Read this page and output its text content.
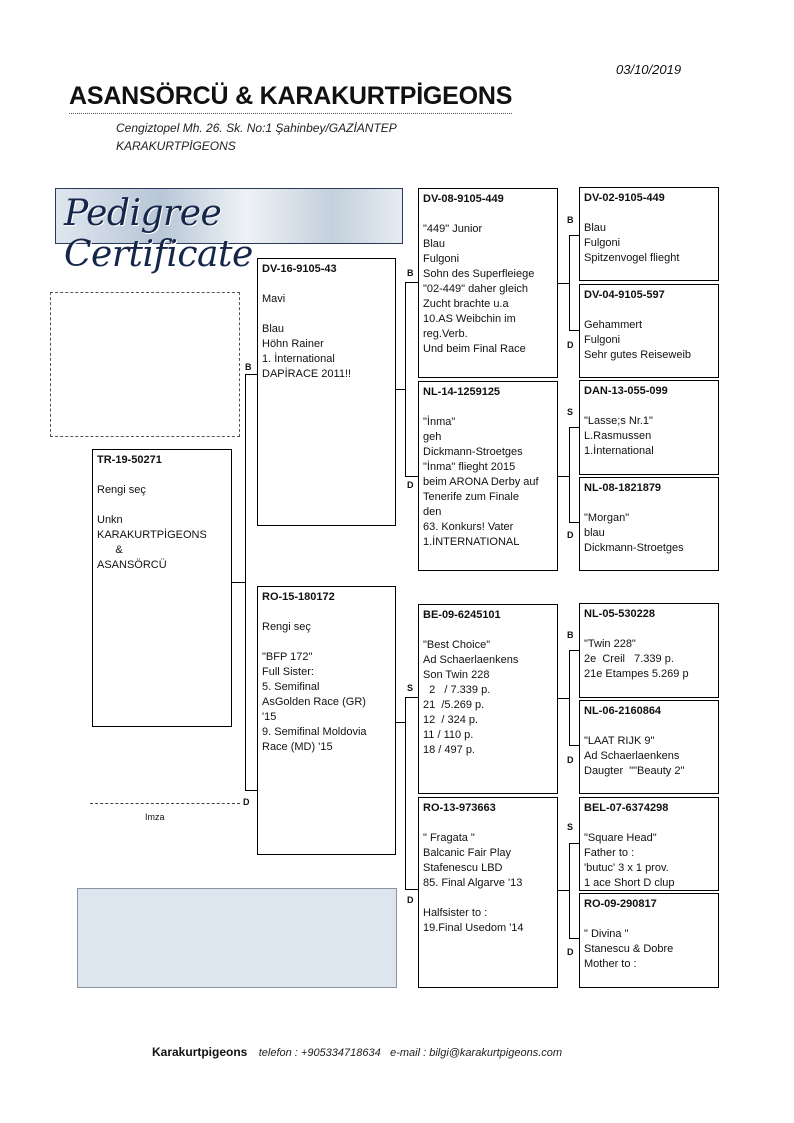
03/10/2019
ASANSÖRCÜ & KARAKURTPİGEONS
Cengiztopel Mh. 26. Sk. No:1 Şahinbey/GAZİANTEP
KARAKURTPİGEONS
Pedigree Certificate
B
D
B
D
S
D
B
D
S
D
B
D
S
D
TR-19-50271
Rengi seç

Unkn
KARAKURTPİGEONS
&
ASANSÖRCÜ
DV-16-9105-43
Mavi

Blau
Höhn Rainer
1. İnternational
DAPİRACE 2011!!
RO-15-180172
Rengi seç

"BFP 172"
Full Sister:
5. Semifinal
AsGolden Race (GR)
'15
9. Semifinal Moldovia
Race (MD) '15
DV-08-9105-449
"449" Junior
Blau
Fulgoni
Sohn des Superfleiege
"02-449" daher gleich
Zucht brachte u.a
10.AS Weibchin im
reg.Verb.
Und beim Final Race
NL-14-1259125
"İnma"
geh
Dickmann-Stroetges
"İnma" flieght 2015
beim ARONA Derby auf
Tenerife zum Finale
den
63. Konkurs! Vater
1.İNTERNATIONAL
BE-09-6245101
"Best Choice"
Ad Schaerlaenkens
Son Twin 228
2   / 7.339 p.
21  /5.269 p.
12  / 324 p.
11 / 110 p.
18 / 497 p.
RO-13-973663
" Fragata "
Balcanic Fair Play
Stafenescu LBD
85. Final Algarve '13

Halfsister to :
19.Final Usedom '14
DV-02-9105-449
Blau
Fulgoni
Spitzenvogel flieght
DV-04-9105-597
Gehammert
Fulgoni
Sehr gutes Reiseweib
DAN-13-055-099
"Lasse;s Nr.1"
L.Rasmussen
1.İnternational
NL-08-1821879
"Morgan"
blau
Dickmann-Stroetges
NL-05-530228
"Twin 228"
2e  Creil   7.339 p.
21e Etampes 5.269 p
NL-06-2160864
"LAAT RIJK 9"
Ad Schaerlaenkens
Daugter  ""Beauty 2"
BEL-07-6374298
"Square Head"
Father to :
'butuc' 3 x 1 prov.
1 ace Short D clup
RO-09-290817
" Divina "
Stanescu & Dobre
Mother to :
Imza
Karakurtpigeons telefon : +905334718634 e-mail : bilgi@karakurtpigeons.com
